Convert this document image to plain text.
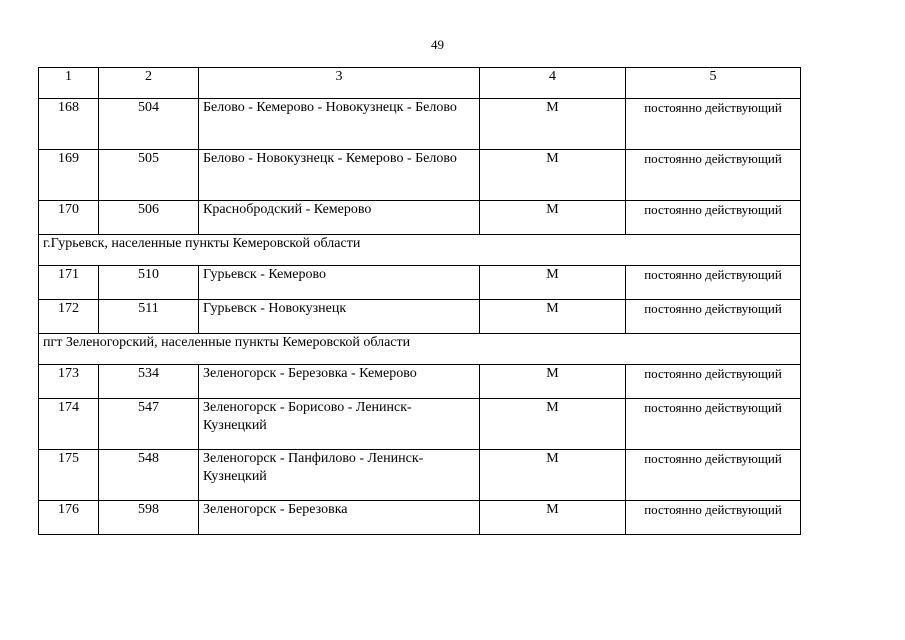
49
1	2	3	4	5
168	504	Белово - Кемерово - Новокузнецк - Белово	М	постоянно действующий
169	505	Белово - Новокузнецк - Кемерово - Белово	М	постоянно действующий
170	506	Краснобродский - Кемерово	М	постоянно действующий
г.Гурьевск, населенные пункты Кемеровской области				
171	510	Гурьевск - Кемерово	М	постоянно действующий
172	511	Гурьевск - Новокузнецк	М	постоянно действующий
пгт Зеленогорский, населенные пункты Кемеровской области				
173	534	Зеленогорск - Березовка - Кемерово	М	постоянно действующий
174	547	Зеленогорск - Борисово - Ленинск-Кузнецкий	М	постоянно действующий
175	548	Зеленогорск - Панфилово - Ленинск-Кузнецкий	М	постоянно действующий
176	598	Зеленогорск - Березовка	М	постоянно действующий
